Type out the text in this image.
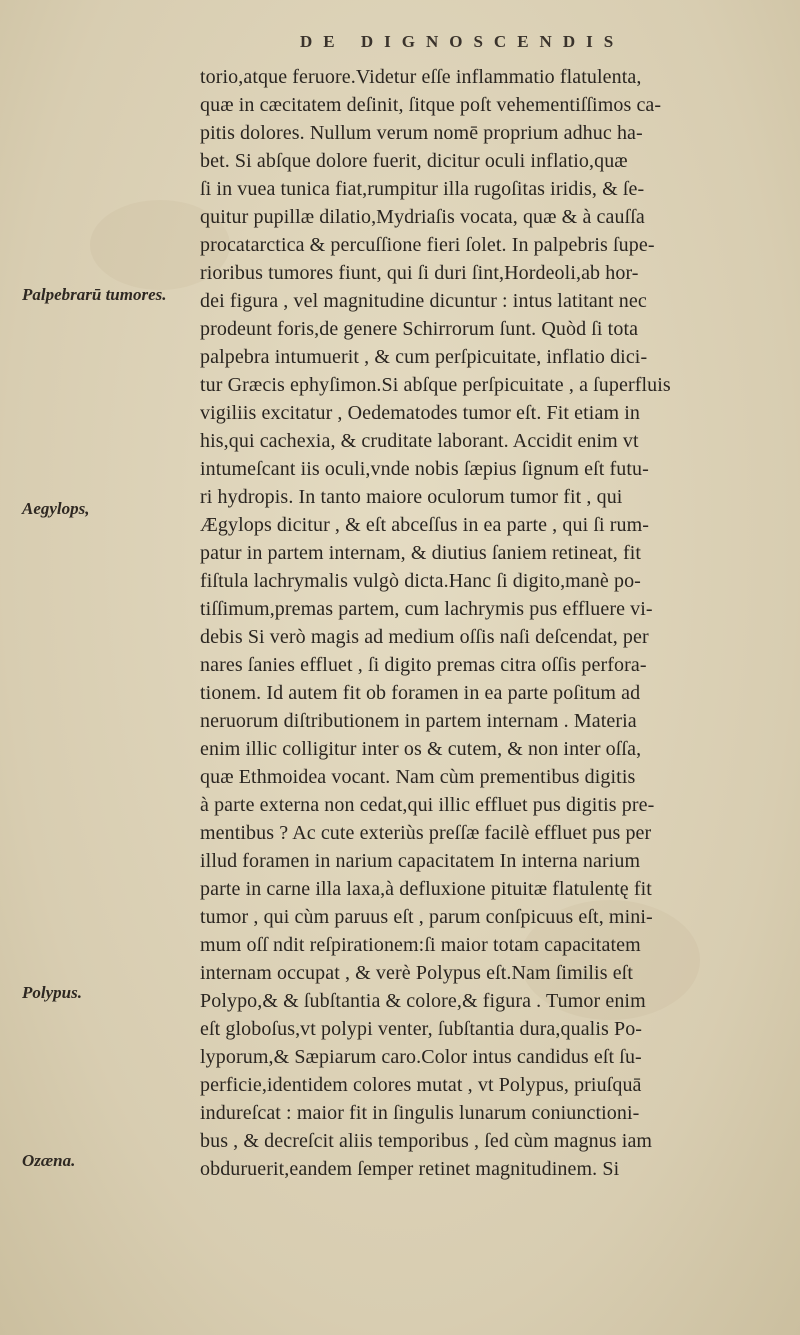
DE DIGNOSCENDIS
Palpebrarū tumores.
Aegylops,
Polypus.
Ozæna.
torio,atque feruore.Videtur eſſe inflammatio flatulenta,
quæ in cæcitatem deſinit, ſitque poſt vehementiſſimos ca-
pitis dolores. Nullum verum nomē proprium adhuc ha-
bet. Si abſque dolore fuerit, dicitur oculi inflatio,quæ
ſi in vuea tunica fiat,rumpitur illa rugoſitas iridis, & ſe-
quitur pupillæ dilatio,Mydriaſis vocata, quæ & à cauſſa
procatarctica & percuſſione fieri ſolet. In palpebris ſupe-
rioribus tumores fiunt, qui ſi duri ſint,Hordeoli,ab hor-
dei figura , vel magnitudine dicuntur : intus latitant nec
prodeunt foris,de genere Schirrorum ſunt. Quòd ſi tota
palpebra intumuerit , & cum perſpicuitate, inflatio dici-
tur Græcis ephyſimon.Si abſque perſpicuitate , a ſuperfluis
vigiliis excitatur , Oedematodes tumor eſt. Fit etiam in
his,qui cachexia, & cruditate laborant. Accidit enim vt
intumeſcant iis oculi,vnde nobis ſæpius ſignum eſt futu-
ri hydropis. In tanto maiore oculorum tumor fit , qui
Ægylops dicitur , & eſt abceſſus in ea parte , qui ſi rum-
patur in partem internam, & diutius ſaniem retineat, fit
fiſtula lachrymalis vulgò dicta.Hanc ſi digito,manè po-
tiſſimum,premas partem, cum lachrymis pus effluere vi-
debis Si verò magis ad medium oſſis naſi deſcendat, per
nares ſanies effluet , ſi digito premas citra oſſis perfora-
tionem. Id autem fit ob foramen in ea parte poſitum ad
neruorum diſtributionem in partem internam . Materia
enim illic colligitur inter os & cutem, & non inter oſſa,
quæ Ethmoidea vocant. Nam cùm prementibus digitis
à parte externa non cedat,qui illic effluet pus digitis pre-
mentibus ? Ac cute exteriùs preſſæ facilè effluet pus per
illud foramen in narium capacitatem In interna narium
parte in carne illa laxa,à defluxione pituitæ flatulentę fit
tumor , qui cùm paruus eſt , parum conſpicuus eſt, mini-
mum oſſ ndit reſpirationem:ſi maior totam capacitatem
internam occupat , & verè Polypus eſt.Nam ſimilis eſt
Polypo,& & ſubſtantia & colore,& figura . Tumor enim
eſt globoſus,vt polypi venter, ſubſtantia dura,qualis Po-
lyporum,& Sæpiarum caro.Color intus candidus eſt ſu-
perficie,identidem colores mutat , vt Polypus, priuſquā
indureſcat : maior fit in ſingulis lunarum coniunctioni-
bus , & decreſcit aliis temporibus , ſed cùm magnus iam
obduruerit,eandem ſemper retinet magnitudinem. Si
